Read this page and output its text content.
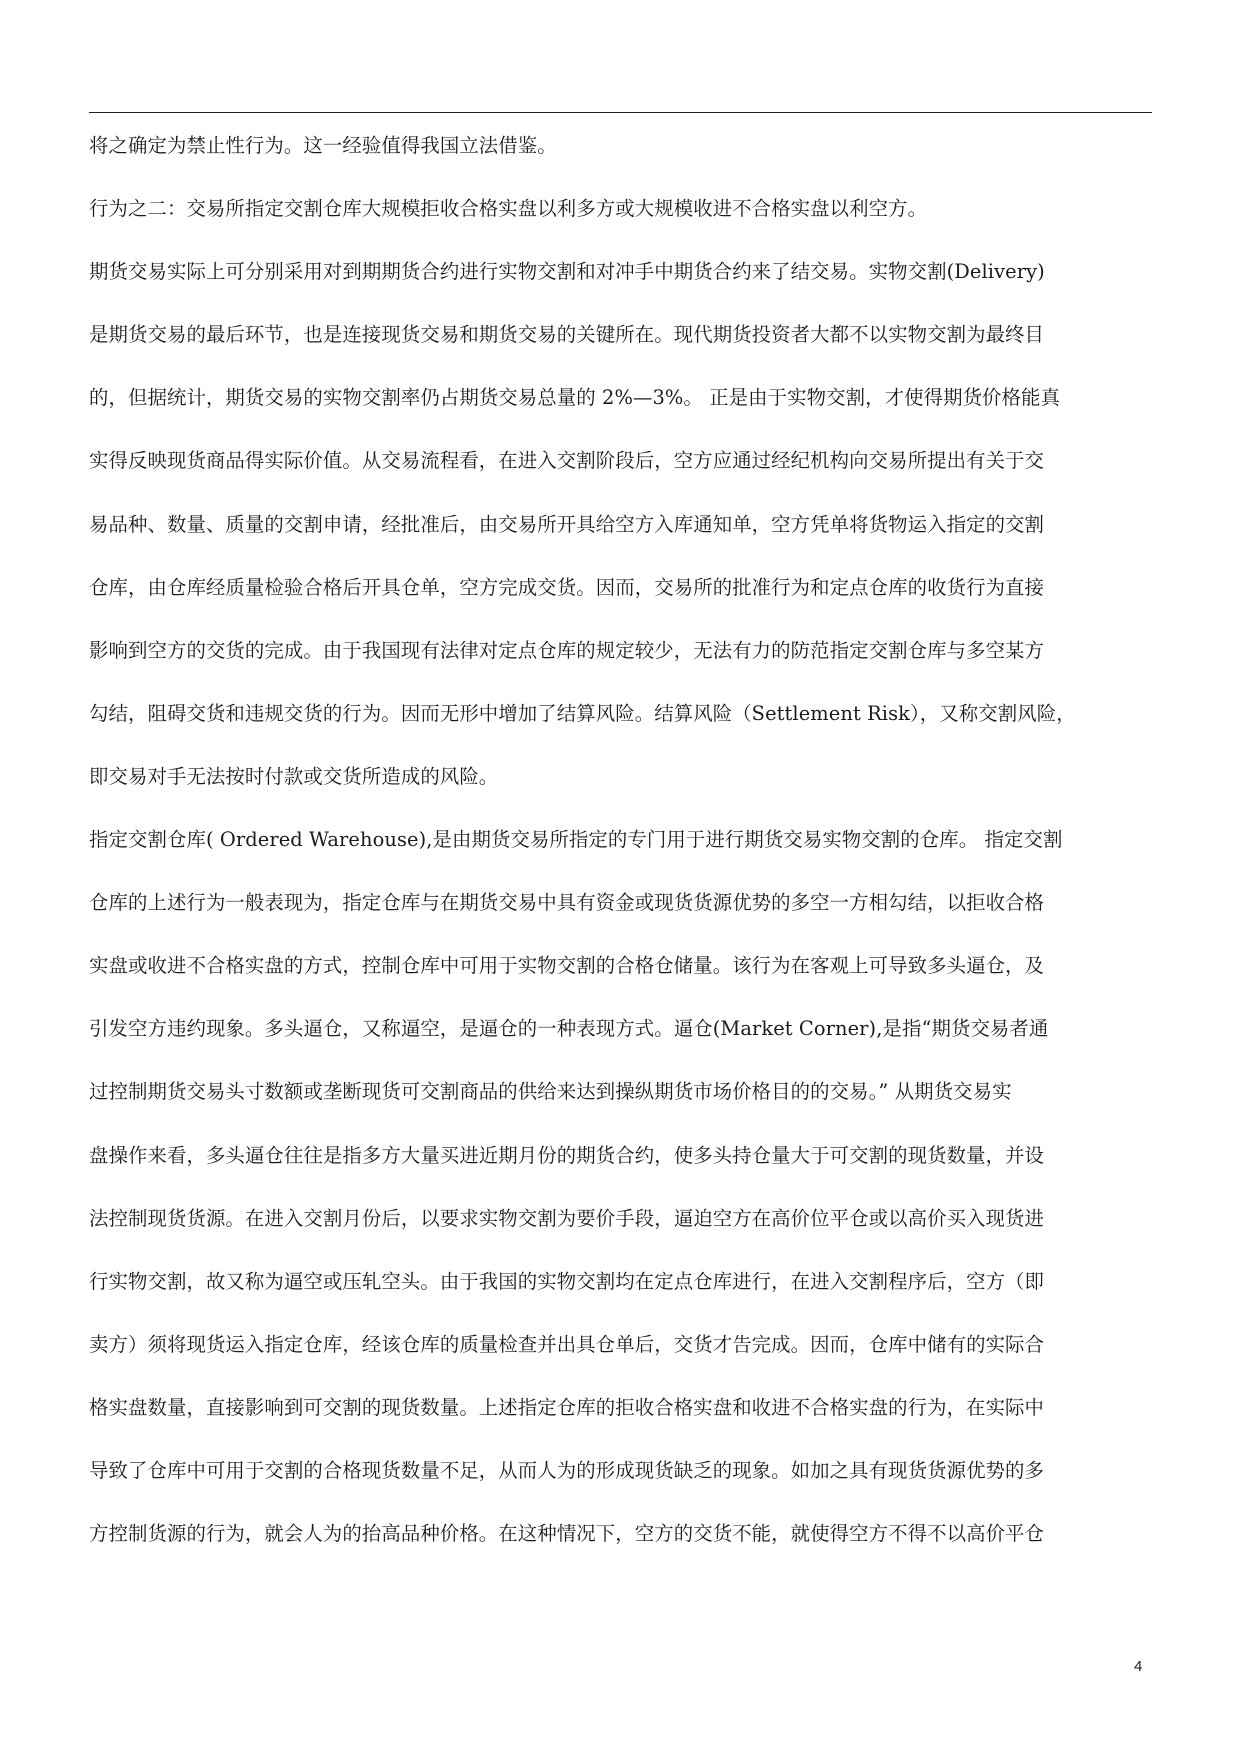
将之确定为禁止性行为。这一经验值得我国立法借鉴。
行为之二：交易所指定交割仓库大规模拒收合格实盘以利多方或大规模收进不合格实盘以利空方。
期货交易实际上可分别采用对到期期货合约进行实物交割和对冲手中期货合约来了结交易。实物交割(Delivery)
是期货交易的最后环节，也是连接现货交易和期货交易的关键所在。现代期货投资者大都不以实物交割为最终目
的，但据统计，期货交易的实物交割率仍占期货交易总量的 2%—3%。 正是由于实物交割，才使得期货价格能真
实得反映现货商品得实际价值。从交易流程看，在进入交割阶段后，空方应通过经纪机构向交易所提出有关于交
易品种、数量、质量的交割申请，经批准后，由交易所开具给空方入库通知单，空方凭单将货物运入指定的交割
仓库，由仓库经质量检验合格后开具仓单，空方完成交货。因而，交易所的批准行为和定点仓库的收货行为直接
影响到空方的交货的完成。由于我国现有法律对定点仓库的规定较少，无法有力的防范指定交割仓库与多空某方
勾结，阻碍交货和违规交货的行为。因而无形中增加了结算风险。结算风险（Settlement Risk），又称交割风险，
即交易对手无法按时付款或交货所造成的风险。
指定交割仓库( Ordered Warehouse),是由期货交易所指定的专门用于进行期货交易实物交割的仓库。 指定交割
仓库的上述行为一般表现为，指定仓库与在期货交易中具有资金或现货货源优势的多空一方相勾结，以拒收合格
实盘或收进不合格实盘的方式，控制仓库中可用于实物交割的合格仓储量。该行为在客观上可导致多头逼仓，及
引发空方违约现象。多头逼仓，又称逼空，是逼仓的一种表现方式。逼仓(Market Corner),是指“期货交易者通
过控制期货交易头寸数额或垄断现货可交割商品的供给来达到操纵期货市场价格目的的交易。” 从期货交易实
盘操作来看，多头逼仓往往是指多方大量买进近期月份的期货合约，使多头持仓量大于可交割的现货数量，并设
法控制现货货源。在进入交割月份后，以要求实物交割为要价手段，逼迫空方在高价位平仓或以高价买入现货进
行实物交割，故又称为逼空或压轧空头。由于我国的实物交割均在定点仓库进行，在进入交割程序后，空方（即
卖方）须将现货运入指定仓库，经该仓库的质量检查并出具仓单后，交货才告完成。因而，仓库中储有的实际合
格实盘数量，直接影响到可交割的现货数量。上述指定仓库的拒收合格实盘和收进不合格实盘的行为，在实际中
导致了仓库中可用于交割的合格现货数量不足，从而人为的形成现货缺乏的现象。如加之具有现货货源优势的多
方控制货源的行为，就会人为的抬高品种价格。在这种情况下，空方的交货不能，就使得空方不得不以高价平仓
4
